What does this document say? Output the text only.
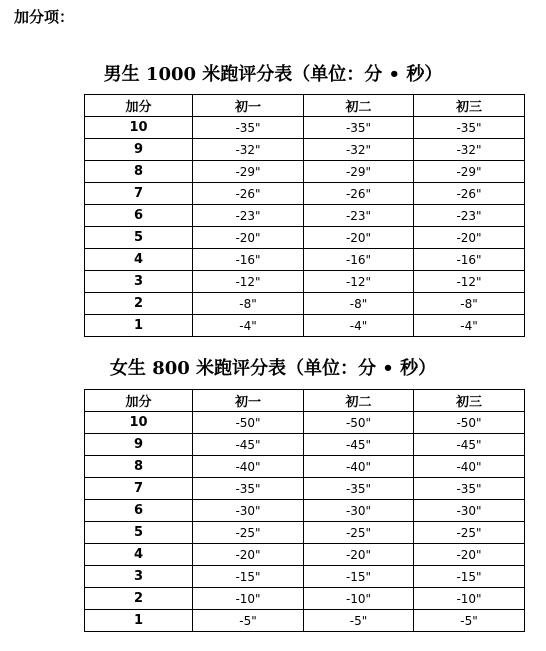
加分项：
男生 1000 米跑评分表（单位：分 • 秒）
加分	初一	初二	初三
10	-35"	-35"	-35"
9	-32"	-32"	-32"
8	-29"	-29"	-29"
7	-26"	-26"	-26"
6	-23"	-23"	-23"
5	-20"	-20"	-20"
4	-16"	-16"	-16"
3	-12"	-12"	-12"
2	-8"	-8"	-8"
1	-4"	-4"	-4"
女生 800 米跑评分表（单位：分 • 秒）
加分	初一	初二	初三
10	-50"	-50"	-50"
9	-45"	-45"	-45"
8	-40"	-40"	-40"
7	-35"	-35"	-35"
6	-30"	-30"	-30"
5	-25"	-25"	-25"
4	-20"	-20"	-20"
3	-15"	-15"	-15"
2	-10"	-10"	-10"
1	-5"	-5"	-5"
